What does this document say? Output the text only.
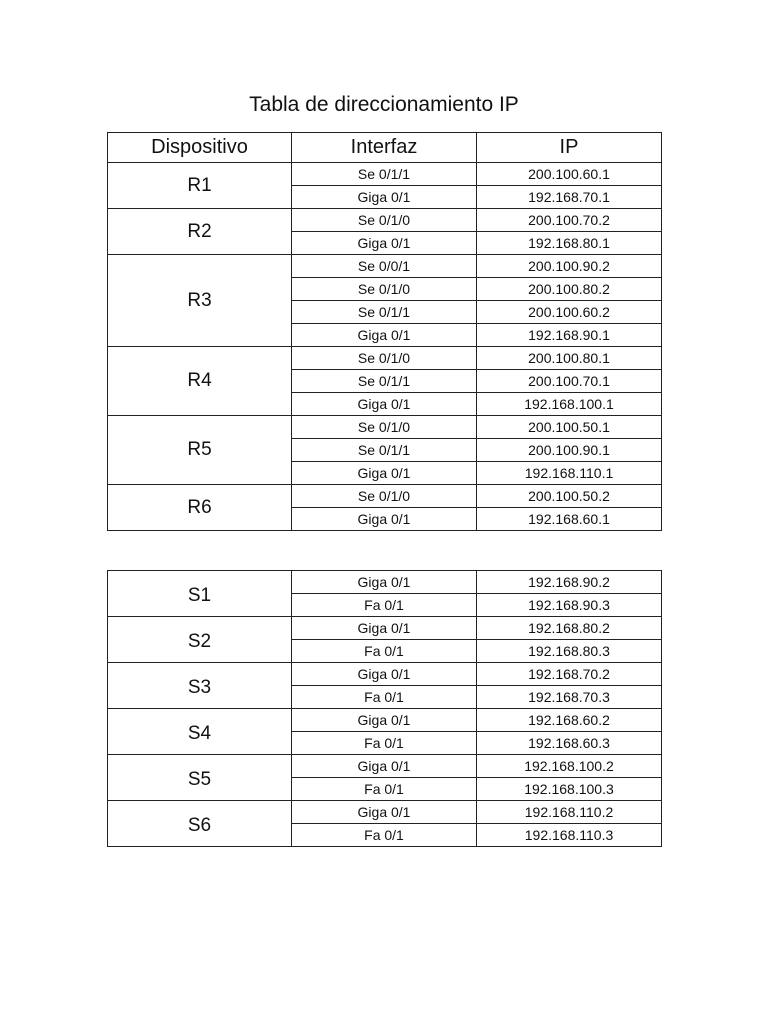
Tabla de direccionamiento IP
Dispositivo	Interfaz	IP
R1	Se 0/1/1	200.100.60.1
	Giga 0/1	192.168.70.1
R2	Se 0/1/0	200.100.70.2
	Giga 0/1	192.168.80.1
R3	Se 0/0/1	200.100.90.2
	Se 0/1/0	200.100.80.2
	Se 0/1/1	200.100.60.2
	Giga 0/1	192.168.90.1
R4	Se 0/1/0	200.100.80.1
	Se 0/1/1	200.100.70.1
	Giga 0/1	192.168.100.1
R5	Se 0/1/0	200.100.50.1
	Se 0/1/1	200.100.90.1
	Giga 0/1	192.168.110.1
R6	Se 0/1/0	200.100.50.2
	Giga 0/1	192.168.60.1
S1	Giga 0/1	192.168.90.2
	Fa 0/1	192.168.90.3
S2	Giga 0/1	192.168.80.2
	Fa 0/1	192.168.80.3
S3	Giga 0/1	192.168.70.2
	Fa 0/1	192.168.70.3
S4	Giga 0/1	192.168.60.2
	Fa 0/1	192.168.60.3
S5	Giga 0/1	192.168.100.2
	Fa 0/1	192.168.100.3
S6	Giga 0/1	192.168.110.2
	Fa 0/1	192.168.110.3
